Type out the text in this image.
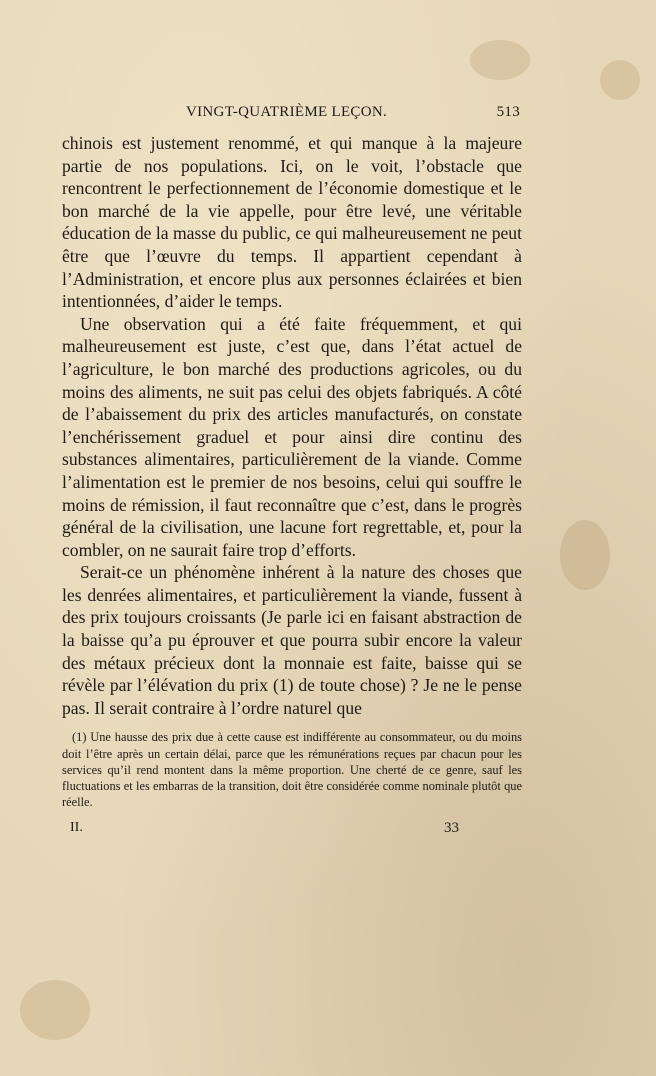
VINGT-QUATRIÈME LEÇON.	513

chinois est justement renommé, et qui manque à la majeure partie de nos populations. Ici, on le voit, l’obstacle que rencontrent le perfectionnement de l’économie domestique et le bon marché de la vie appelle, pour être levé, une véritable éducation de la masse du public, ce qui malheureusement ne peut être que l’œuvre du temps. Il appartient cependant à l’Administration, et encore plus aux personnes éclairées et bien intentionnées, d’aider le temps.

Une observation qui a été faite fréquemment, et qui malheureusement est juste, c’est que, dans l’état actuel de l’agriculture, le bon marché des productions agricoles, ou du moins des aliments, ne suit pas celui des objets fabriqués. A côté de l’abaissement du prix des articles manufacturés, on constate l’enchérissement graduel et pour ainsi dire continu des substances alimentaires, particulièrement de la viande. Comme l’alimentation est le premier de nos besoins, celui qui souffre le moins de rémission, il faut reconnaître que c’est, dans le progrès général de la civilisation, une lacune fort regrettable, et, pour la combler, on ne saurait faire trop d’efforts.

Serait-ce un phénomène inhérent à la nature des choses que les denrées alimentaires, et particulièrement la viande, fussent à des prix toujours croissants (Je parle ici en faisant abstraction de la baisse qu’a pu éprouver et que pourra subir encore la valeur des métaux précieux dont la monnaie est faite, baisse qui se révèle par l’élévation du prix (1) de toute chose) ? Je ne le pense pas. Il serait contraire à l’ordre naturel que

(1) Une hausse des prix due à cette cause est indifférente au consommateur, ou du moins doit l’être après un certain délai, parce que les rémunérations reçues par chacun pour les services qu’il rend montent dans la même proportion. Une cherté de ce genre, sauf les fluctuations et les embarras de la transition, doit être considérée comme nominale plutôt que réelle.

II.	33
